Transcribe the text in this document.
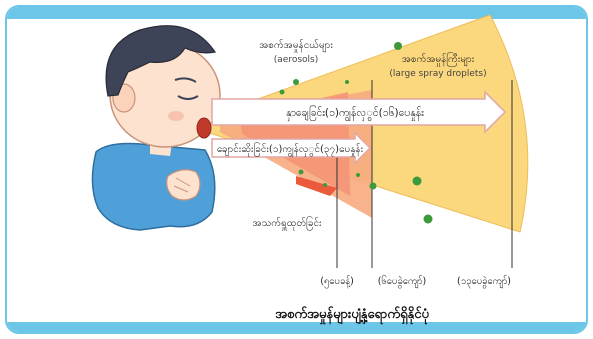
အစက်အမှုန်ငယ်များ
(aerosols)	အစက်အမှုန်ကြီးများ
(large spray droplets)
နှာချေခြင်း(၁)ကျွန်လှွင်(၁၆)ပေနှုန်း
ချောင်းဆိုးခြင်း(၁)ကျွန်လှွင်(၃၇)ပေနှုန်း
အသက်ရှူထုတ်ခြင်း
(၅ပေခန့်)	(၆ပေခွဲကျော်)	(၁၃ပေခွဲကျော်)
အစက်အမှုန်များပျံ့နှံ့ရောက်ရှိနိုင်ပုံ
